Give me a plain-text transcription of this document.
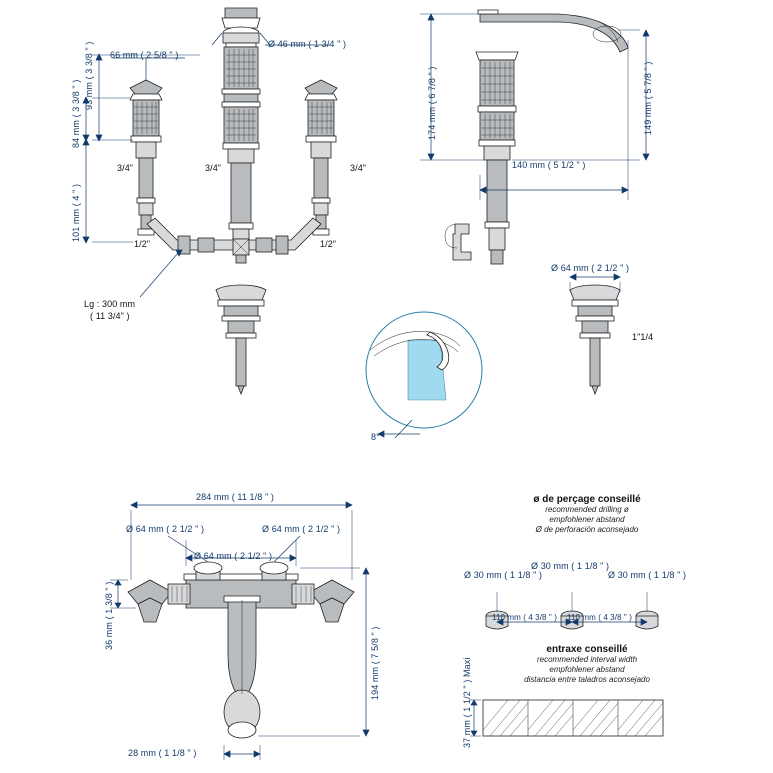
Ø 46 mm ( 1 3/4 " )
66 mm ( 2 5/8 " )
93 mm ( 3 3/8 " )
84 mm ( 3 3/8 " )
101 mm ( 4 " )
3/4"	3/4"	3/4"
1/2"	1/2"
Lg : 300 mm
( 11 3/4" )
174 mm ( 6 7/8 " )	149 mm ( 5 7/8 " )
140 mm ( 5 1/2 " )
Ø 64 mm ( 2 1/2 " )
1"1/4
8°
284 mm ( 11 1/8 " )
Ø 64 mm ( 2 1/2 " )	Ø 64 mm ( 2 1/2 " )
Ø 64 mm ( 2 1/2 " )
36 mm ( 1 3/8 " )
194 mm ( 7 5/8 " )
28 mm ( 1 1/8 " )
ø de perçage conseillé
recommended drilling ø
empfohlener abstand
Ø de perforación aconsejado
Ø 30 mm ( 1 1/8 " )
Ø 30 mm ( 1 1/8 " )	Ø 30 mm ( 1 1/8 " )
110 mm ( 4 3/8 " ) 110 mm ( 4 3/8 " )
entraxe conseillé
recommended interval width
empfohlener abstand
distancia entre taladros aconsejado
37 mm ( 1 1/2 " ) Maxi
